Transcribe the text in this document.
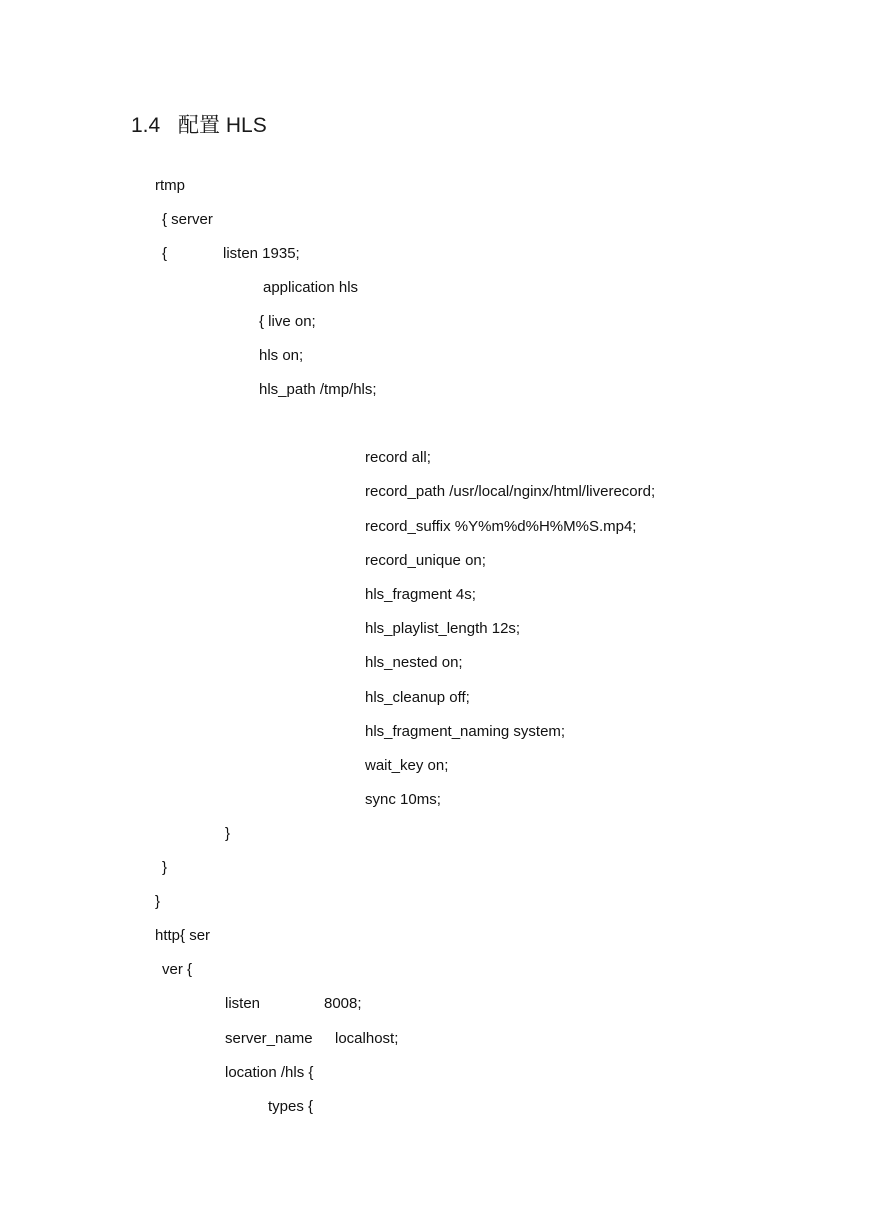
1.4 配置 HLS
rtmp
{ server
{	listen 1935;
application hls
{ live on;
hls on;
hls_path /tmp/hls;
record all;
record_path /usr/local/nginx/html/liverecord;
record_suffix %Y%m%d%H%M%S.mp4;
record_unique on;
hls_fragment 4s;
hls_playlist_length 12s;
hls_nested on;
hls_cleanup off;
hls_fragment_naming system;
wait_key on;
sync 10ms;
}
}
}
http{ ser
ver {
listen	8008;
server_name localhost;
location /hls {
types {
